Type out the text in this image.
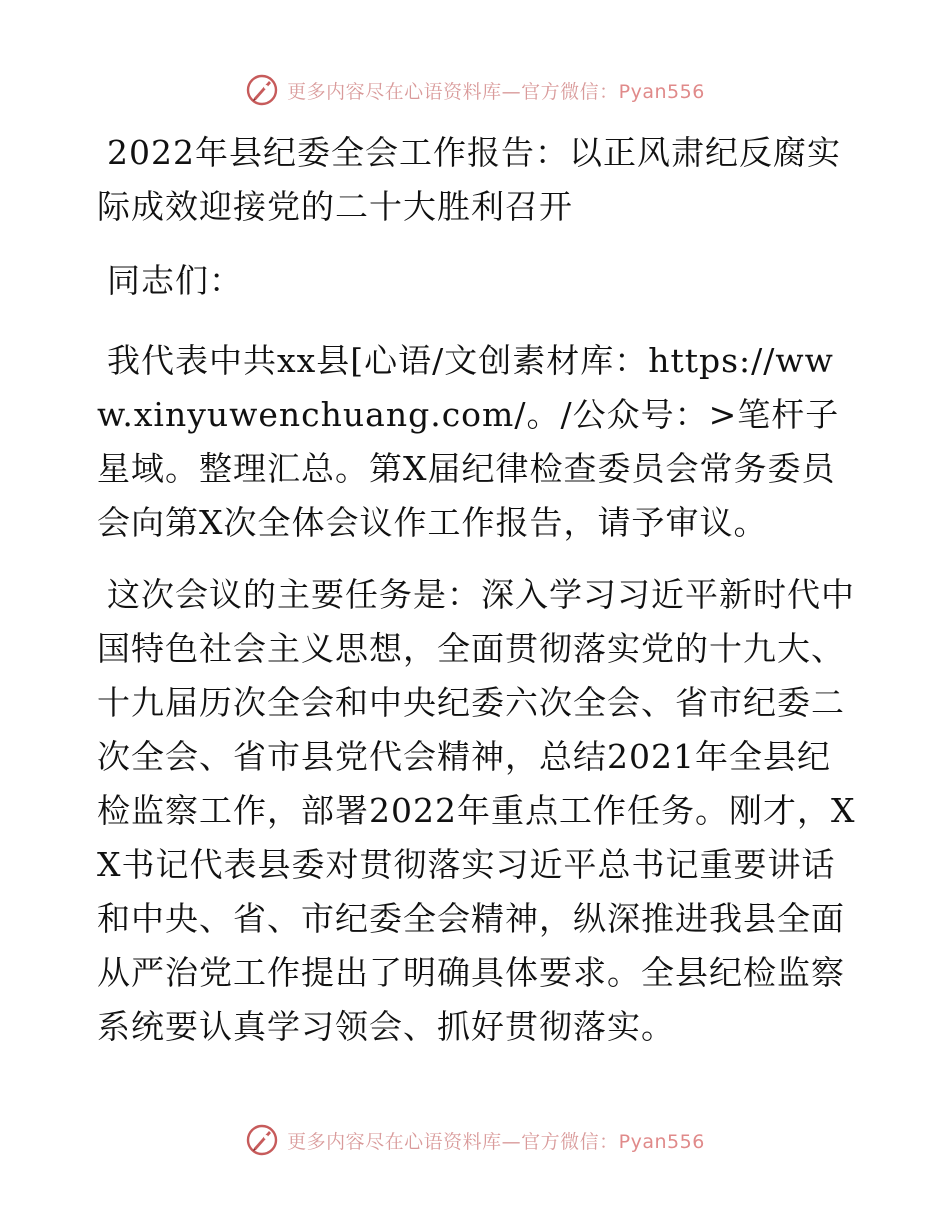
更多内容尽在心语资料库—官方微信：Pyan556
2022年县纪委全会工作报告：以正风肃纪反腐实际成效迎接党的二十大胜利召开

同志们：

我代表中共xx县[心语/文创素材库：https://www.xinyuwenchuang.com/。/公众号：>笔杆子星域。整理汇总。第X届纪律检查委员会常务委员会向第X次全体会议作工作报告，请予审议。

这次会议的主要任务是：深入学习习近平新时代中国特色社会主义思想，全面贯彻落实党的十九大、十九届历次全会和中央纪委六次全会、省市纪委二次全会、省市县党代会精神，总结2021年全县纪检监察工作，部署2022年重点工作任务。刚才，XX书记代表县委对贯彻落实习近平总书记重要讲话和中央、省、市纪委全会精神，纵深推进我县全面从严治党工作提出了明确具体要求。全县纪检监察系统要认真学习领会、抓好贯彻落实。

更多内容尽在心语资料库—官方微信：Pyan556
